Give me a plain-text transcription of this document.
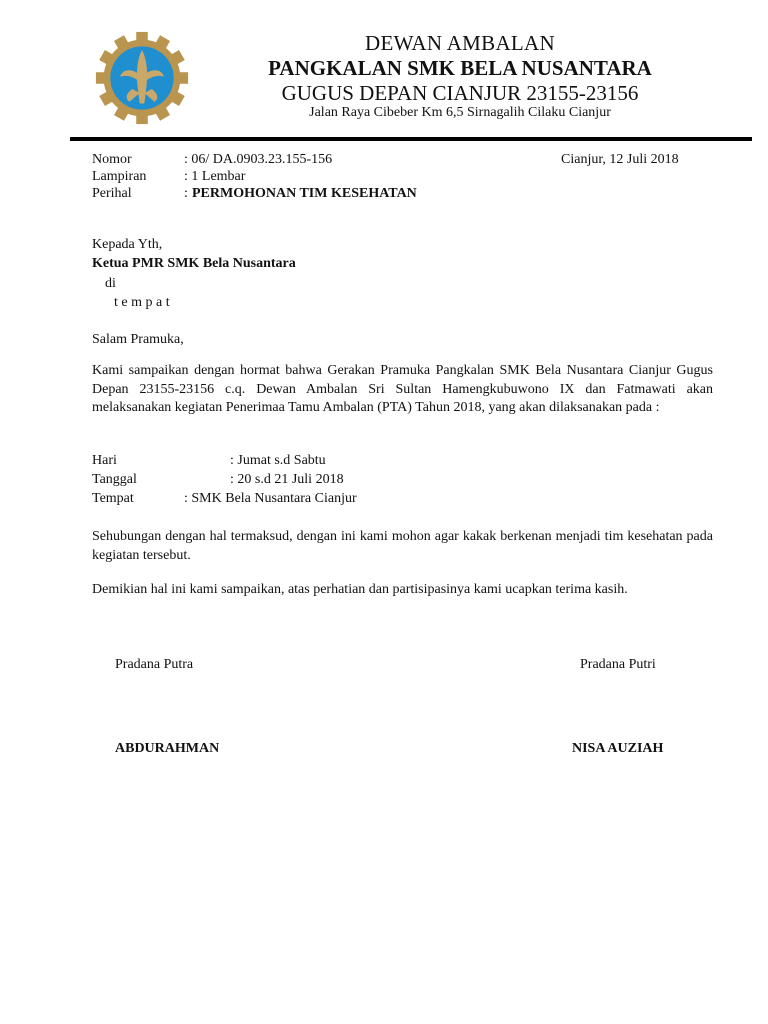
DEWAN AMBALAN
PANGKALAN SMK BELA NUSANTARA
GUGUS DEPAN CIANJUR 23155-23156
Jalan Raya Cibeber Km 6,5 Sirnagalih Cilaku Cianjur
Nomor	: 06/ DA.0903.23.155-156	Cianjur, 12 Juli 2018
Lampiran	: 1 Lembar
Perihal	: PERMOHONAN TIM KESEHATAN
Kepada Yth,
Ketua PMR SMK Bela Nusantara
di
t e m p a t
Salam Pramuka,
Kami sampaikan dengan hormat bahwa Gerakan Pramuka Pangkalan SMK Bela Nusantara Cianjur Gugus Depan 23155-23156 c.q. Dewan Ambalan Sri Sultan Hamengkubuwono IX dan Fatmawati akan melaksanakan kegiatan Penerimaa Tamu Ambalan (PTA) Tahun 2018, yang akan dilaksanakan pada :
Hari	: Jumat s.d Sabtu
Tanggal	: 20 s.d 21 Juli 2018
Tempat	: SMK Bela Nusantara Cianjur
Sehubungan dengan hal termaksud, dengan ini kami mohon agar kakak berkenan menjadi tim kesehatan pada kegiatan tersebut.
Demikian hal ini kami sampaikan, atas perhatian dan partisipasinya kami ucapkan terima kasih.
Pradana Putra	Pradana Putri
ABDURAHMAN	NISA AUZIAH
